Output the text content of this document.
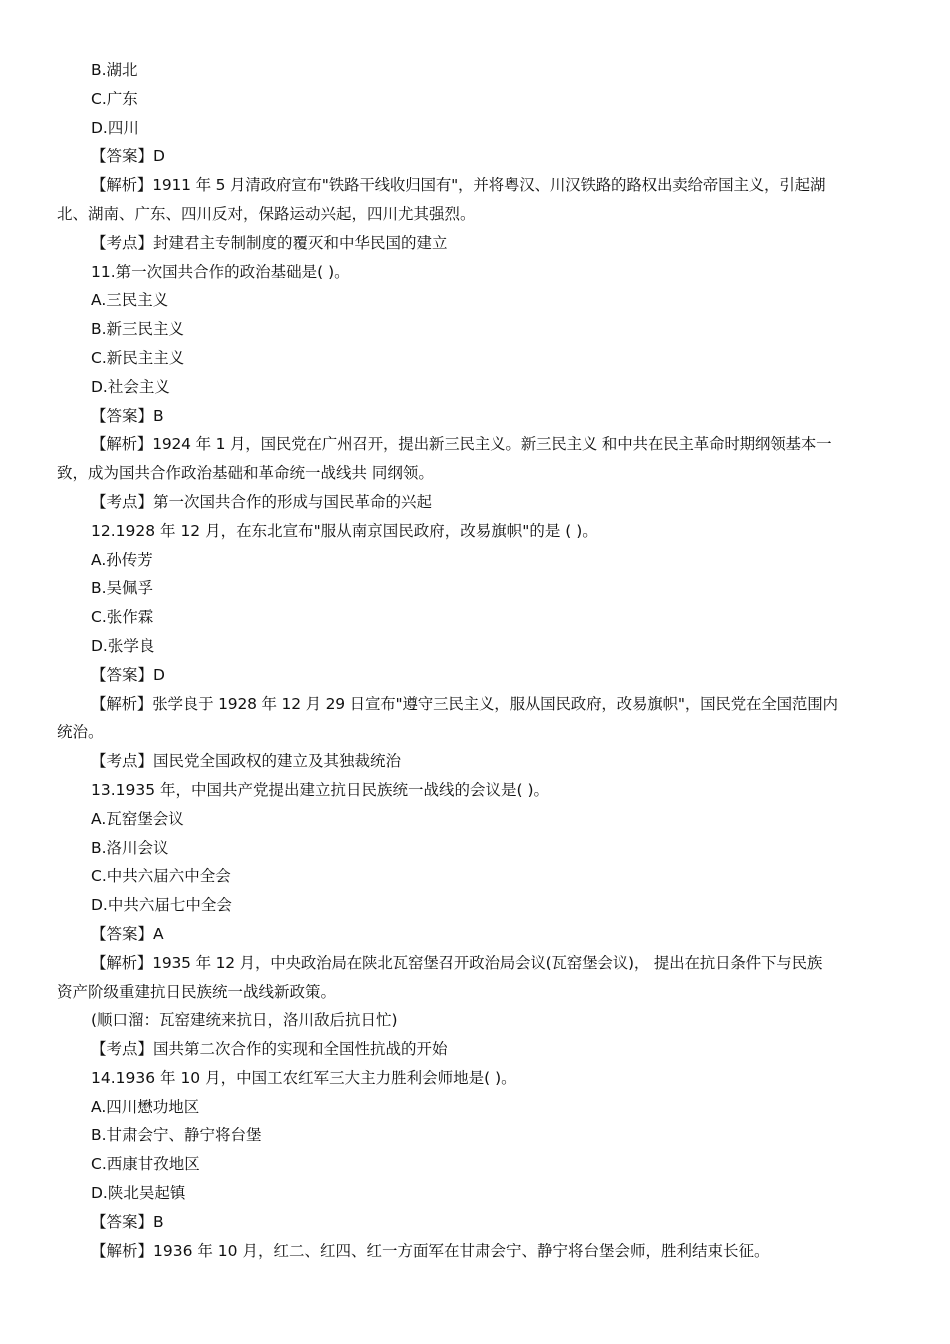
B.湖北
C.广东
D.四川
【答案】D
【解析】1911 年 5 月清政府宣布"铁路干线收归国有"，并将粤汉、川汉铁路的路权出卖给帝国主义，引起湖
北、湖南、广东、四川反对，保路运动兴起，四川尤其强烈。
【考点】封建君主专制制度的覆灭和中华民国的建立
11.第一次国共合作的政治基础是( )。
A.三民主义
B.新三民主义
C.新民主主义
D.社会主义
【答案】B
【解析】1924 年 1 月，国民党在广州召开，提出新三民主义。新三民主义 和中共在民主革命时期纲领基本一
致，成为国共合作政治基础和革命统一战线共 同纲领。
【考点】第一次国共合作的形成与国民革命的兴起
12.1928 年 12 月，在东北宣布"服从南京国民政府，改易旗帜"的是 ( )。
A.孙传芳
B.吴佩孚
C.张作霖
D.张学良
【答案】D
【解析】张学良于 1928 年 12 月 29 日宣布"遵守三民主义，服从国民政府，改易旗帜"，国民党在全国范围内
统治。
【考点】国民党全国政权的建立及其独裁统治
13.1935 年，中国共产党提出建立抗日民族统一战线的会议是( )。
A.瓦窑堡会议
B.洛川会议
C.中共六届六中全会
D.中共六届七中全会
【答案】A
【解析】1935 年 12 月，中央政治局在陕北瓦窑堡召开政治局会议(瓦窑堡会议)， 提出在抗日条件下与民族
资产阶级重建抗日民族统一战线新政策。
(顺口溜：瓦窑建统来抗日，洛川敌后抗日忙)
【考点】国共第二次合作的实现和全国性抗战的开始
14.1936 年 10 月，中国工农红军三大主力胜利会师地是( )。
A.四川懋功地区
B.甘肃会宁、静宁将台堡
C.西康甘孜地区
D.陕北吴起镇
【答案】B
【解析】1936 年 10 月，红二、红四、红一方面军在甘肃会宁、静宁将台堡会师，胜利结束长征。
